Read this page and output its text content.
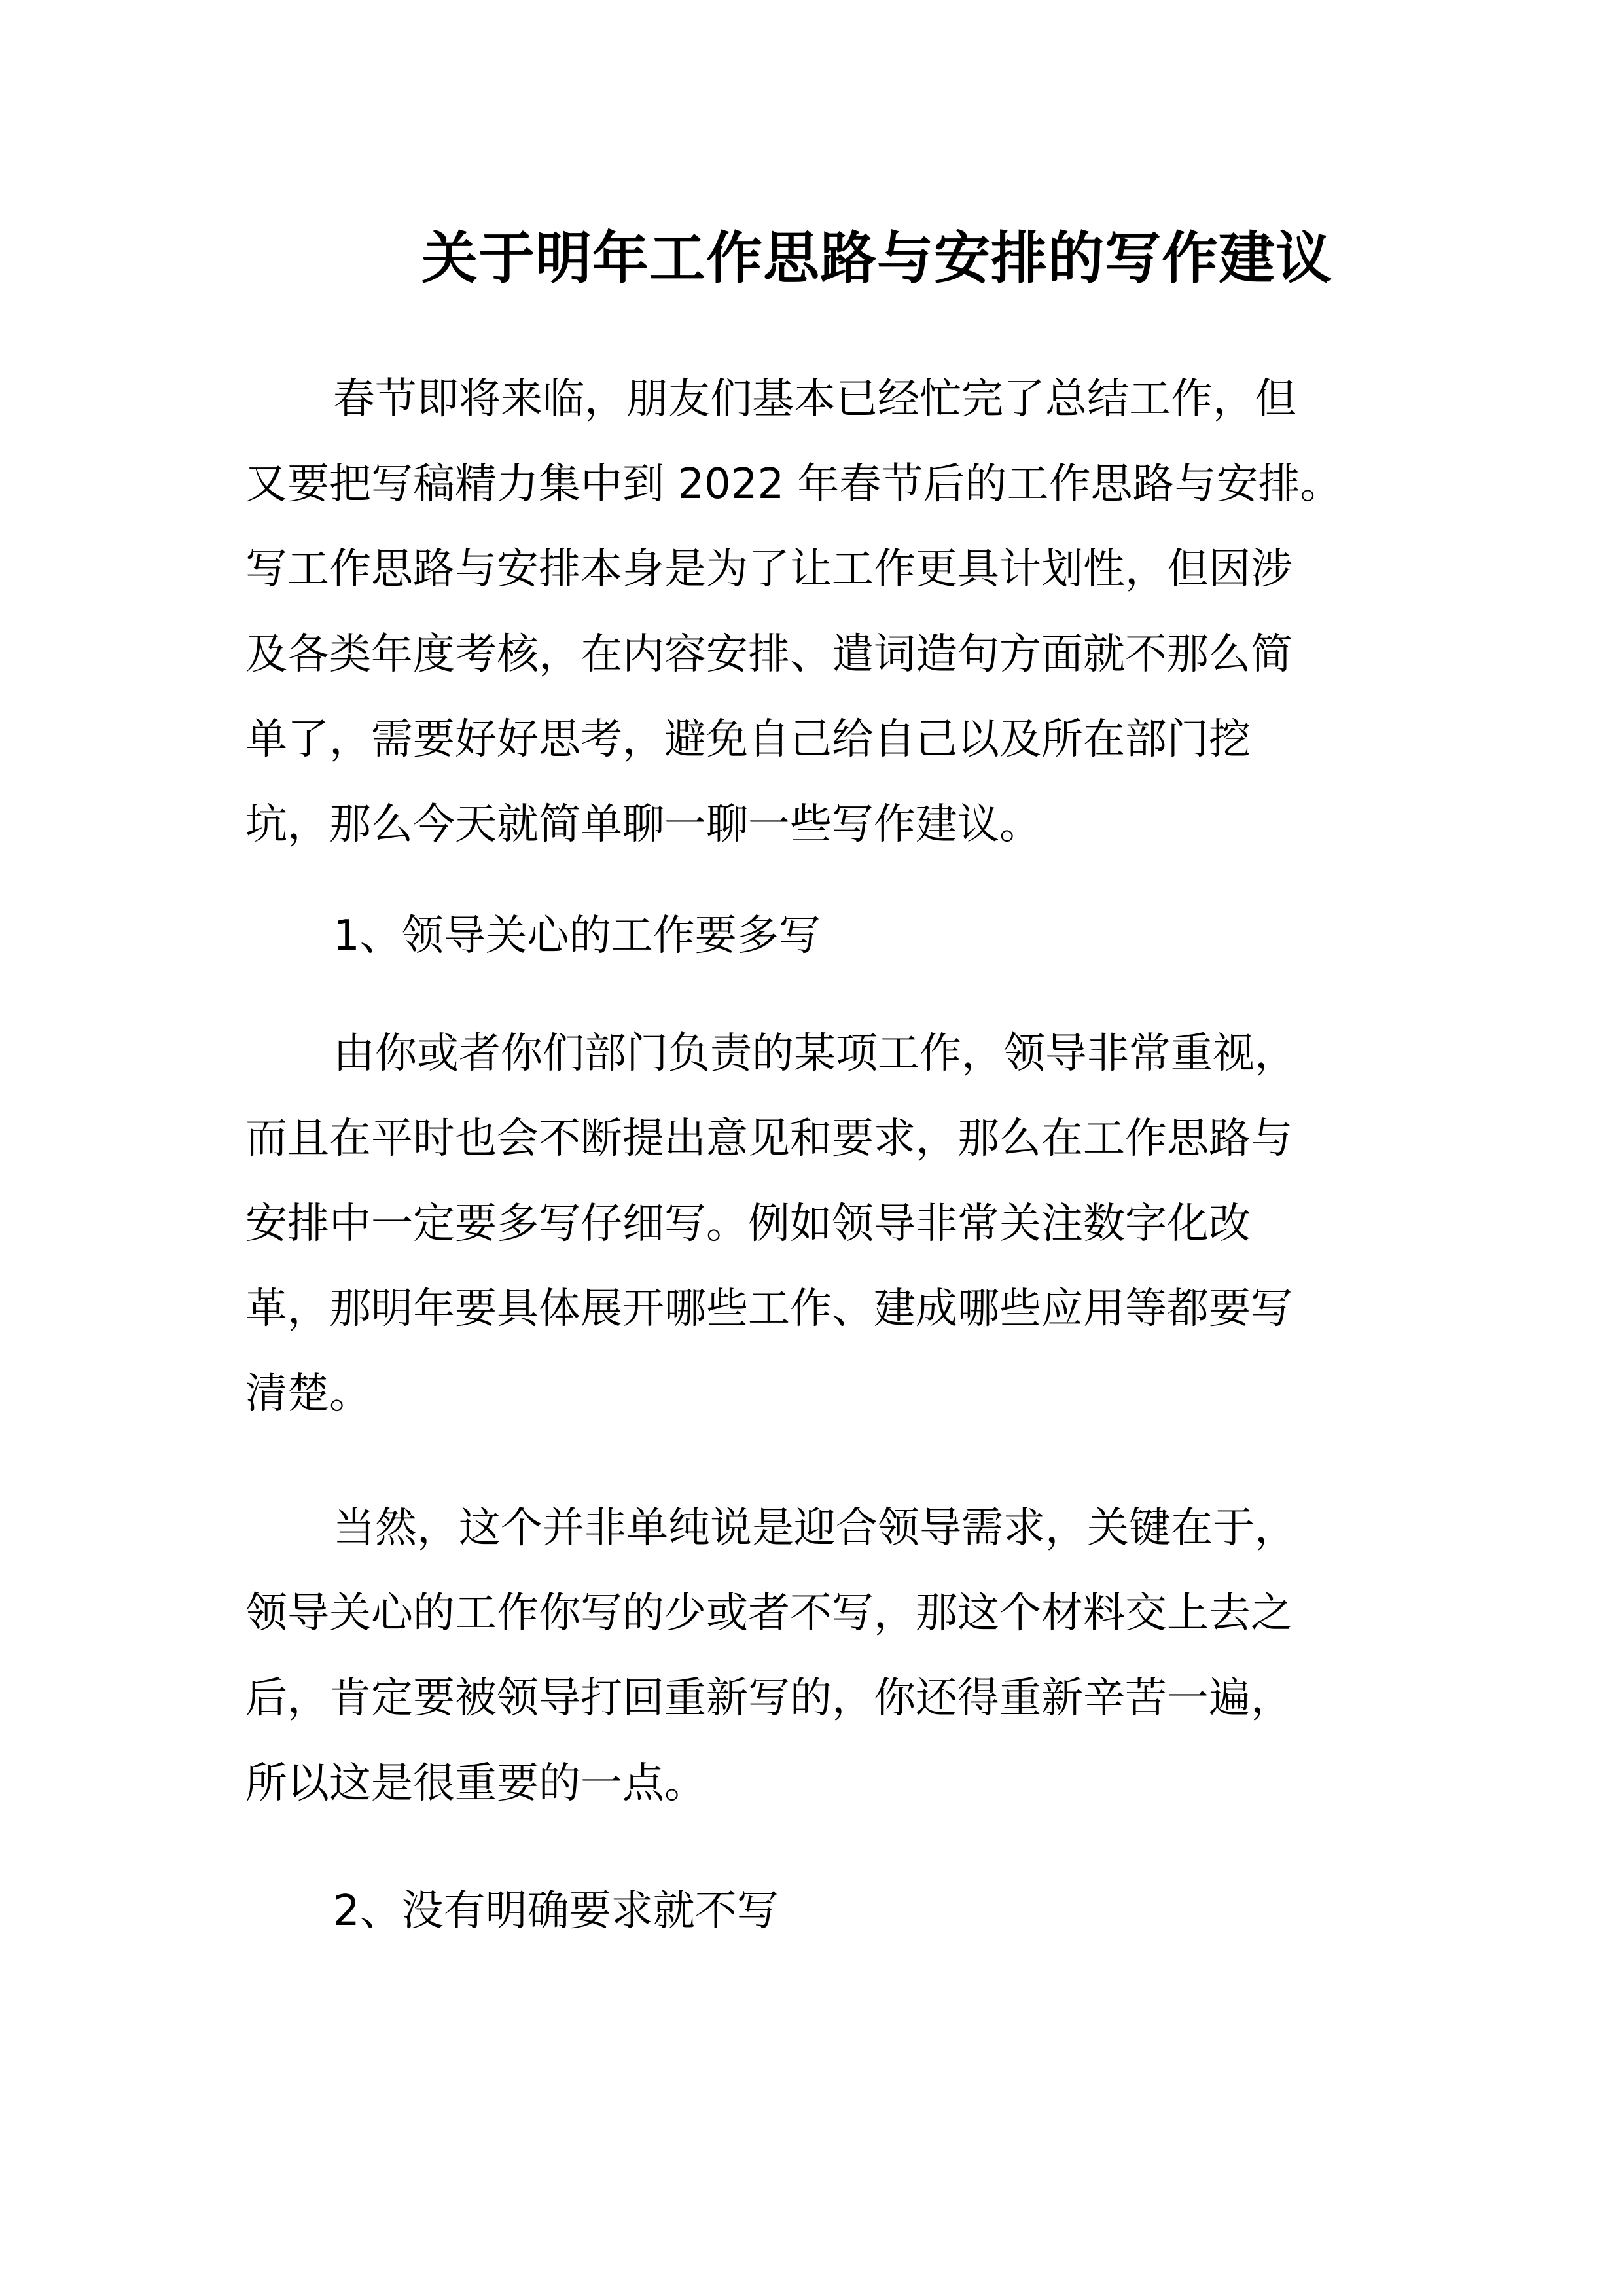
关于明年工作思路与安排的写作建议
春节即将来临，朋友们基本已经忙完了总结工作，但
又要把写稿精力集中到 2022 年春节后的工作思路与安排。
写工作思路与安排本身是为了让工作更具计划性，但因涉
及各类年度考核，在内容安排、遣词造句方面就不那么简
单了，需要好好思考，避免自己给自己以及所在部门挖
坑，那么今天就简单聊一聊一些写作建议。
1、领导关心的工作要多写
由你或者你们部门负责的某项工作，领导非常重视，
而且在平时也会不断提出意见和要求，那么在工作思路与
安排中一定要多写仔细写。例如领导非常关注数字化改
革，那明年要具体展开哪些工作、建成哪些应用等都要写
清楚。
当然，这个并非单纯说是迎合领导需求，关键在于，
领导关心的工作你写的少或者不写，那这个材料交上去之
后，肯定要被领导打回重新写的，你还得重新辛苦一遍，
所以这是很重要的一点。
2、没有明确要求就不写
